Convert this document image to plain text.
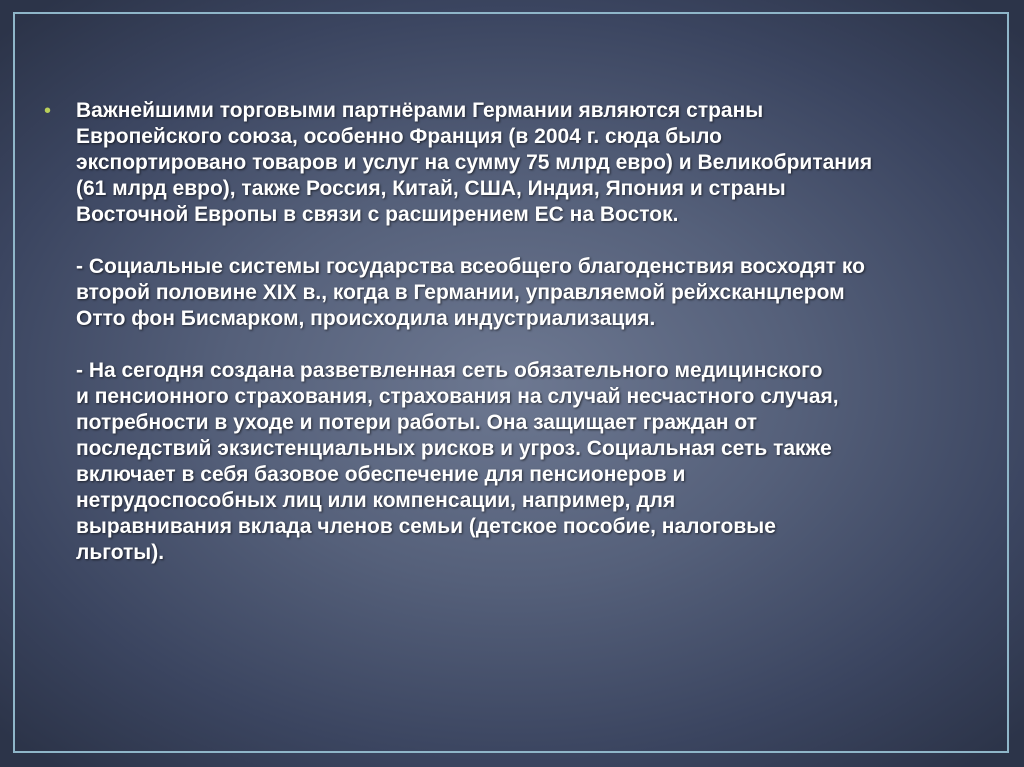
•	Важнейшими торговыми партнёрами Германии являются страны
Европейского союза, особенно Франция (в 2004 г. сюда было
экспортировано товаров и услуг на сумму 75 млрд евро) и Великобритания
(61 млрд евро), также Россия, Китай, США, Индия, Япония и страны
Восточной Европы в связи с расширением ЕС на Восток.

- Социальные системы государства всеобщего благоденствия восходят ко
второй половине XIX в., когда в Германии, управляемой рейхсканцлером
Отто фон Бисмарком, происходила индустриализация.

- На сегодня создана разветвленная сеть обязательного медицинского
и пенсионного страхования, страхования на случай несчастного случая,
потребности в уходе и потери работы. Она защищает граждан от
последствий экзистенциальных рисков и угроз. Социальная сеть также
включает в себя базовое обеспечение для пенсионеров и
нетрудоспособных лиц или компенсации, например, для
выравнивания вклада членов семьи (детское пособие, налоговые
льготы).
